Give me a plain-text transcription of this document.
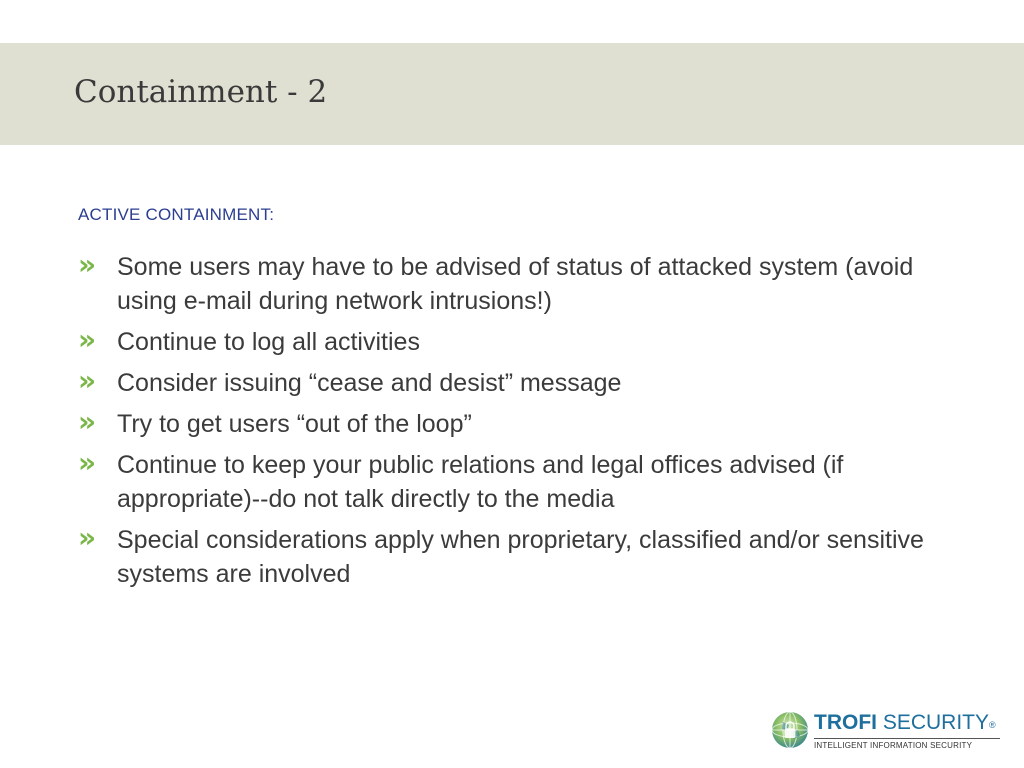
Containment - 2
ACTIVE CONTAINMENT:
» Some users may have to be advised of status of attacked system (avoid using e-mail during network intrusions!)
» Continue to log all activities
» Consider issuing “cease and desist” message
» Try to get users “out of the loop”
» Continue to keep your public relations and legal offices advised (if appropriate)--do not talk directly to the media
» Special considerations apply when proprietary, classified and/or sensitive systems are involved
TROFI SECURITY®
INTELLIGENT INFORMATION SECURITY
